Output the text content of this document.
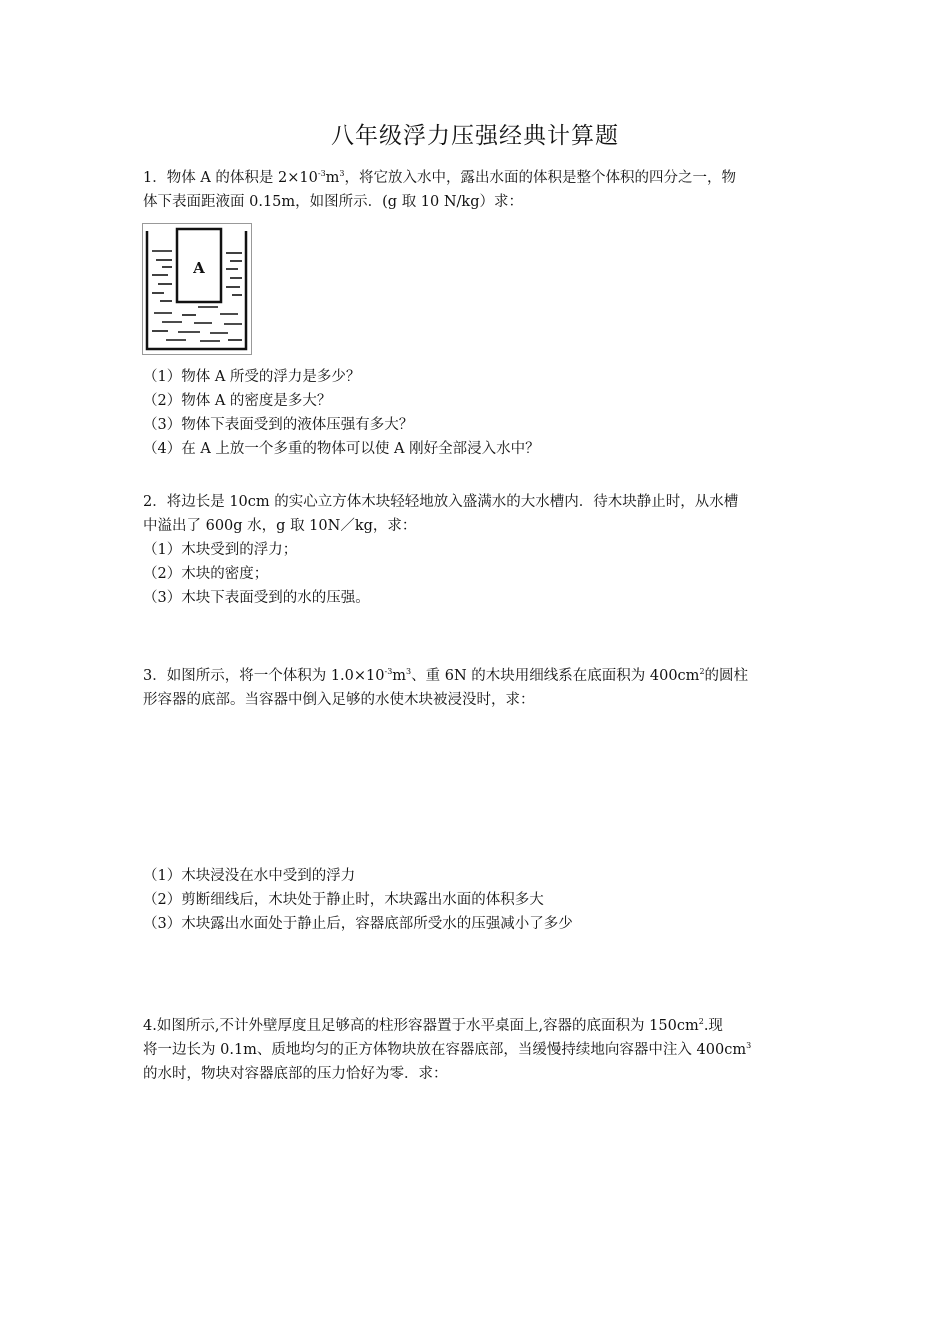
八年级浮力压强经典计算题
1．物体 A 的体积是 $2\times 10^{-3}m^3$，将它放入水中，露出水面的体积是整个体积的四分之一，物
体下表面距液面 0.15m，如图所示．(g 取 10 N/kg）求：
A
（1）物体 A 所受的浮力是多少？
（2）物体 A 的密度是多大？
（3）物体下表面受到的液体压强有多大？
（4）在 A 上放一个多重的物体可以使 A 刚好全部浸入水中？
2．将边长是 10cm 的实心立方体木块轻轻地放入盛满水的大水槽内．待木块静止时，从水槽
中溢出了 600g 水，g 取 10N／kg，求：
（1）木块受到的浮力；
（2）木块的密度；
（3）木块下表面受到的水的压强。
3．如图所示，将一个体积为 $1.0\times 10^{-3}m^3$、重 6N 的木块用细线系在底面积为 $400cm^2$的圆柱
形容器的底部。当容器中倒入足够的水使木块被浸没时，求：
（1）木块浸没在水中受到的浮力
（2）剪断细线后，木块处于静止时，木块露出水面的体积多大
（3）木块露出水面处于静止后，容器底部所受水的压强减小了多少
4.如图所示,不计外壁厚度且足够高的柱形容器置于水平桌面上,容器的底面积为 $150cm^2$.现
将一边长为 0.1m、质地均匀的正方体物块放在容器底部，当缓慢持续地向容器中注入 $400cm^3$
的水时，物块对容器底部的压力恰好为零．求：
